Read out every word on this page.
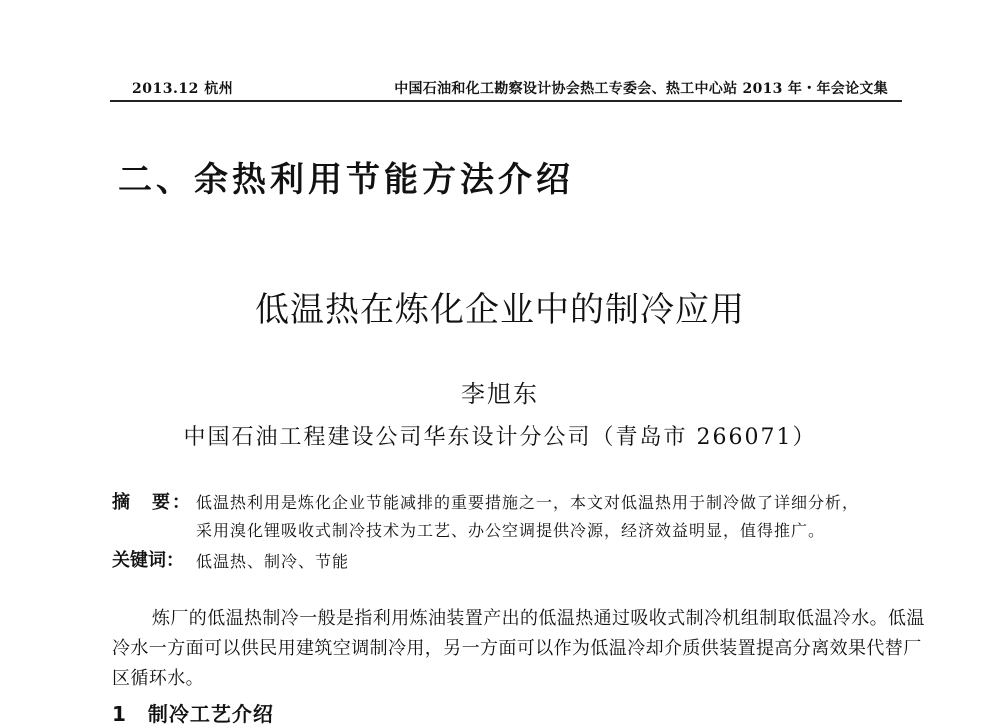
2013.12 杭州	中国石油和化工勘察设计协会热工专委会、热工中心站 2013 年・年会论文集
二、余热利用节能方法介绍
低温热在炼化企业中的制冷应用
李旭东
中国石油工程建设公司华东设计分公司（青岛市 266071）
摘　要： 低温热利用是炼化企业节能减排的重要措施之一，本文对低温热用于制冷做了详细分析，
采用溴化锂吸收式制冷技术为工艺、办公空调提供冷源，经济效益明显，值得推广。
关键词： 低温热、制冷、节能
炼厂的低温热制冷一般是指利用炼油装置产出的低温热通过吸收式制冷机组制取低温冷水。低温
冷水一方面可以供民用建筑空调制冷用，另一方面可以作为低温冷却介质供装置提高分离效果代替厂
区循环水。
1　制冷工艺介绍
